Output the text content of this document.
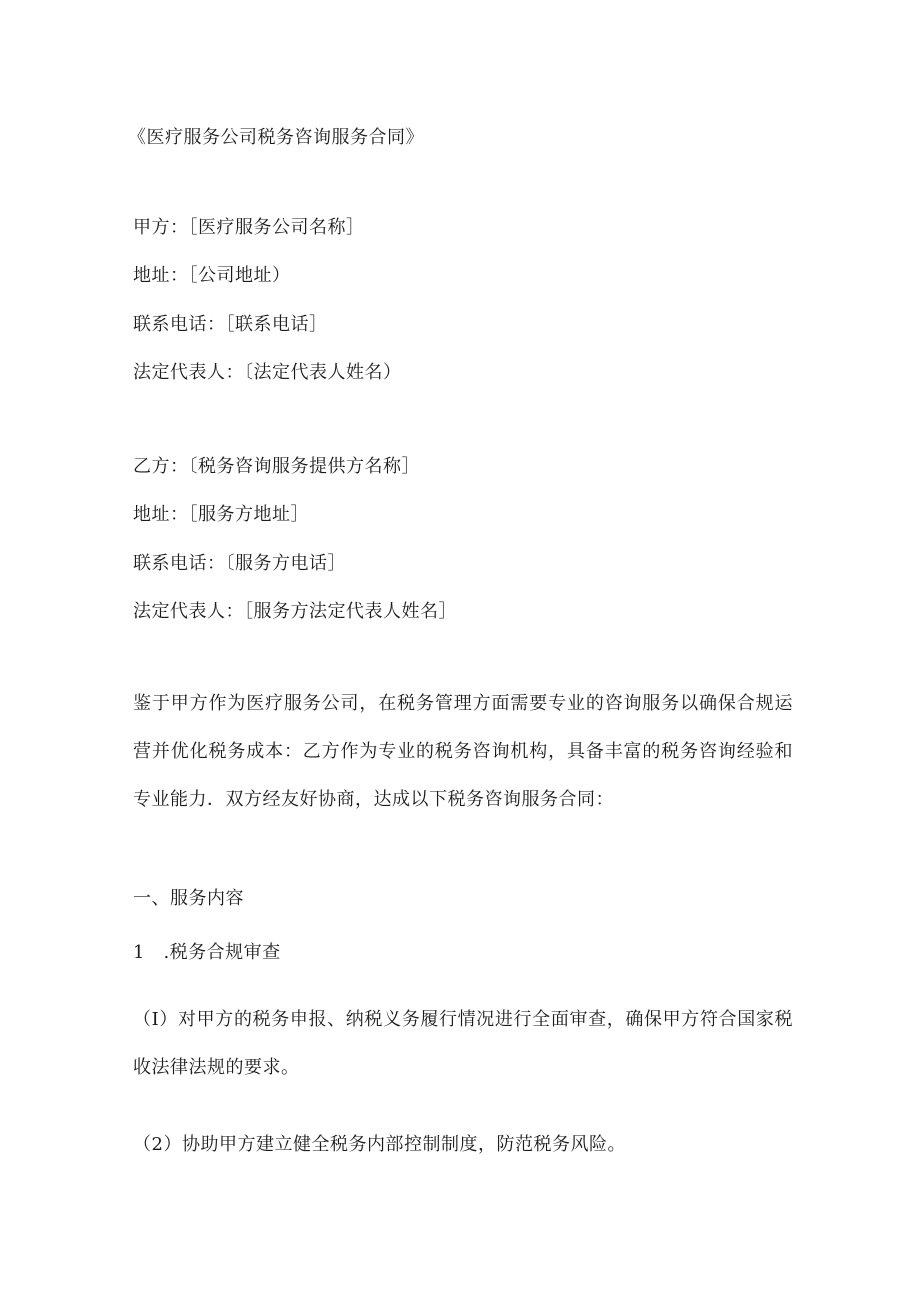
《医疗服务公司税务咨询服务合同》
甲方：［医疗服务公司名称］
地址：［公司地址）
联系电话：［联系电话］
法定代表人：〔法定代表人姓名）
乙方：〔税务咨询服务提供方名称］
地址：［服务方地址］
联系电话：〔服务方电话］
法定代表人：［服务方法定代表人姓名］
鉴于甲方作为医疗服务公司，在税务管理方面需要专业的咨询服务以确保合规运营并优化税务成本：乙方作为专业的税务咨询机构，具备丰富的税务咨询经验和专业能力．双方经友好协商，达成以下税务咨询服务合同：
一、服务内容
1　.税务合规审查
（I）对甲方的税务申报、纳税义务履行情况进行全面审查，确保甲方符合国家税收法律法规的要求。
（2）协助甲方建立健全税务内部控制制度，防范税务风险。
